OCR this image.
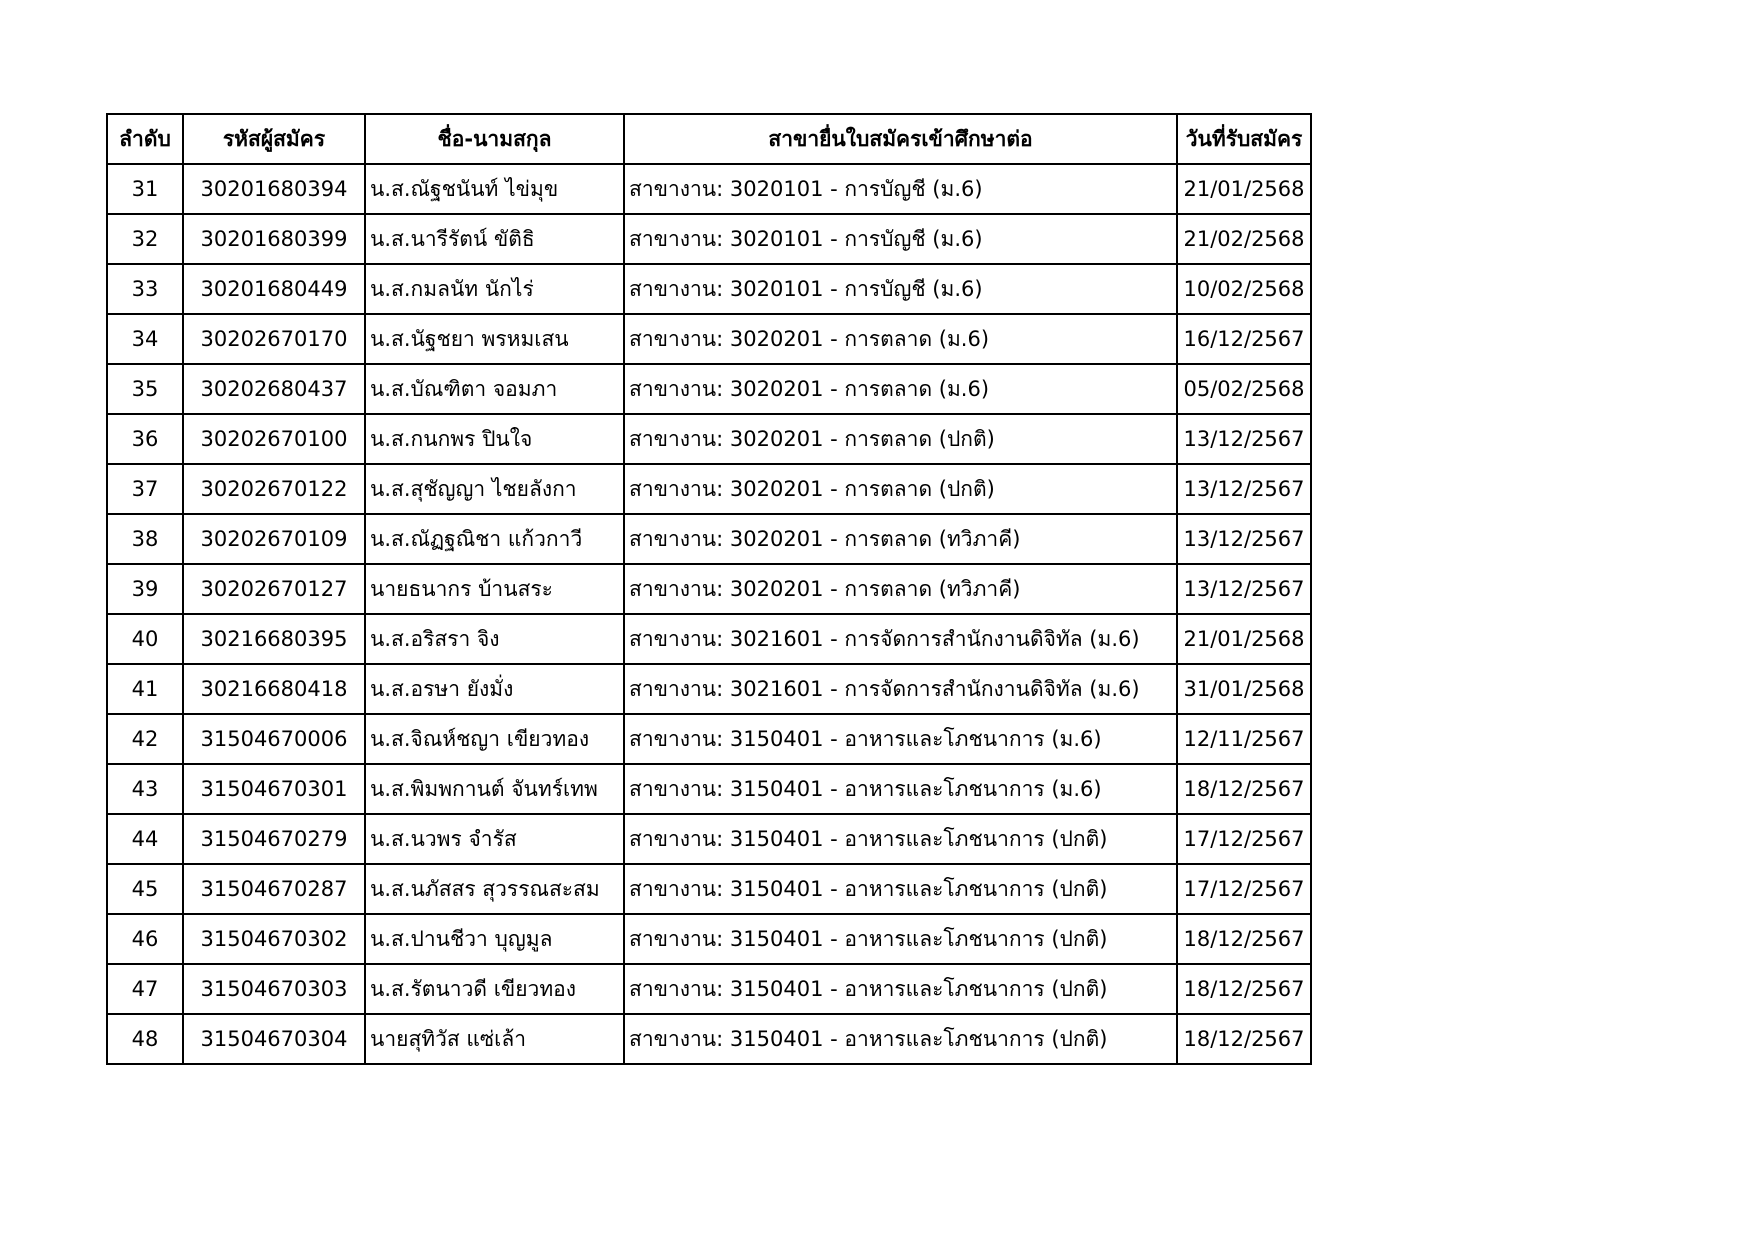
ลำดับ	รหัสผู้สมัคร	ชื่อ-นามสกุล	สาขายื่นใบสมัครเข้าศึกษาต่อ	วันที่รับสมัคร
31	30201680394	น.ส.ณัฐชนันท์ ไข่มุข	สาขางาน: 3020101 - การบัญชี (ม.6)	21/01/2568
32	30201680399	น.ส.นารีรัตน์ ขัติธิ	สาขางาน: 3020101 - การบัญชี (ม.6)	21/02/2568
33	30201680449	น.ส.กมลนัท นักไร่	สาขางาน: 3020101 - การบัญชี (ม.6)	10/02/2568
34	30202670170	น.ส.นัฐชยา พรหมเสน	สาขางาน: 3020201 - การตลาด (ม.6)	16/12/2567
35	30202680437	น.ส.บัณฑิตา จอมภา	สาขางาน: 3020201 - การตลาด (ม.6)	05/02/2568
36	30202670100	น.ส.กนกพร ปินใจ	สาขางาน: 3020201 - การตลาด (ปกติ)	13/12/2567
37	30202670122	น.ส.สุชัญญา ไชยลังกา	สาขางาน: 3020201 - การตลาด (ปกติ)	13/12/2567
38	30202670109	น.ส.ณัฏฐณิชา แก้วกาวี	สาขางาน: 3020201 - การตลาด (ทวิภาคี)	13/12/2567
39	30202670127	นายธนากร บ้านสระ	สาขางาน: 3020201 - การตลาด (ทวิภาคี)	13/12/2567
40	30216680395	น.ส.อริสรา จิง	สาขางาน: 3021601 - การจัดการสำนักงานดิจิทัล (ม.6)	21/01/2568
41	30216680418	น.ส.อรษา ยังมั่ง	สาขางาน: 3021601 - การจัดการสำนักงานดิจิทัล (ม.6)	31/01/2568
42	31504670006	น.ส.จิณห์ชญา เขียวทอง	สาขางาน: 3150401 - อาหารและโภชนาการ (ม.6)	12/11/2567
43	31504670301	น.ส.พิมพกานต์ จันทร์เทพ	สาขางาน: 3150401 - อาหารและโภชนาการ (ม.6)	18/12/2567
44	31504670279	น.ส.นวพร จำรัส	สาขางาน: 3150401 - อาหารและโภชนาการ (ปกติ)	17/12/2567
45	31504670287	น.ส.นภัสสร สุวรรณสะสม	สาขางาน: 3150401 - อาหารและโภชนาการ (ปกติ)	17/12/2567
46	31504670302	น.ส.ปานชีวา บุญมูล	สาขางาน: 3150401 - อาหารและโภชนาการ (ปกติ)	18/12/2567
47	31504670303	น.ส.รัตนาวดี เขียวทอง	สาขางาน: 3150401 - อาหารและโภชนาการ (ปกติ)	18/12/2567
48	31504670304	นายสุทิวัส แซ่เล้า	สาขางาน: 3150401 - อาหารและโภชนาการ (ปกติ)	18/12/2567
